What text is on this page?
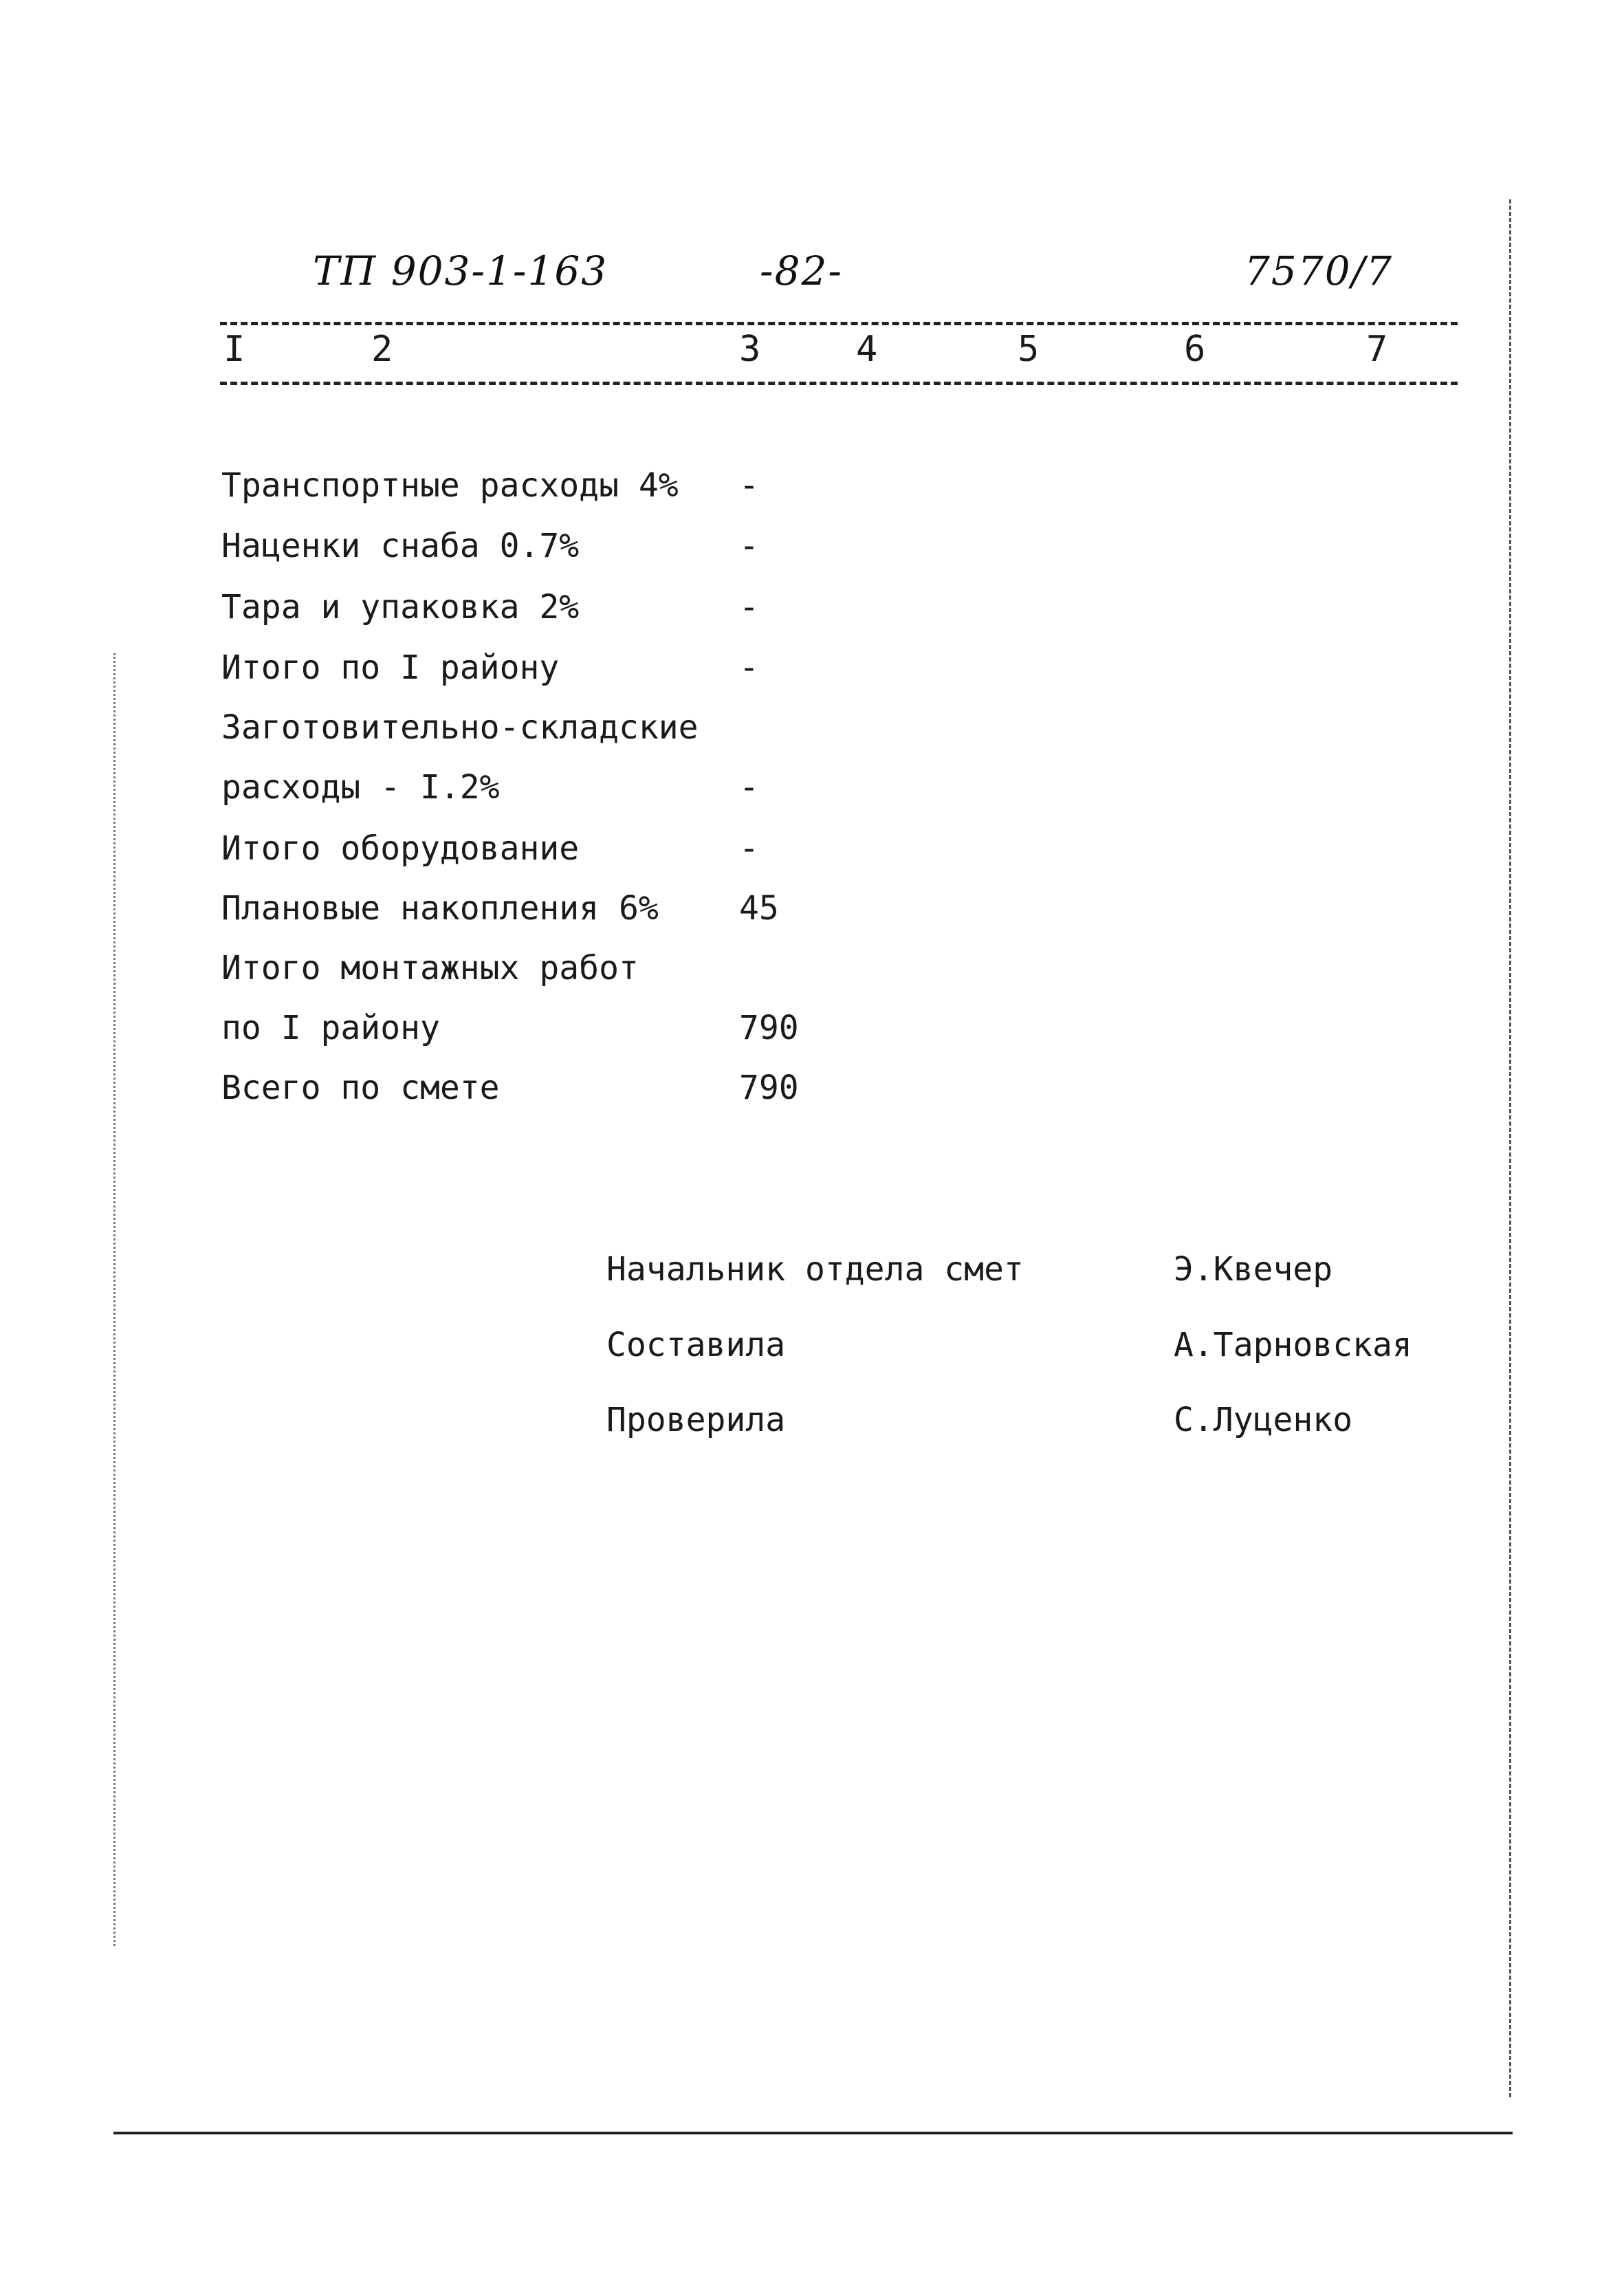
ТП 903-1-163	-82-	7570/7
I	2	3	4	5	6	7
Транспортные расходы 4% -
Наценки снаба 0.7%	-
Тара и упаковка 2%	-
Итого по I району	-
Заготовительно-складские
расходы - I.2%	-
Итого оборудование	-
Плановые накопления 6% 45
Итого монтажных работ
по I району	790
Всего по смете	790
Начальник отдела смет	Э.Квечер
Составила	А.Тарновская
Проверила	С.Луценко
